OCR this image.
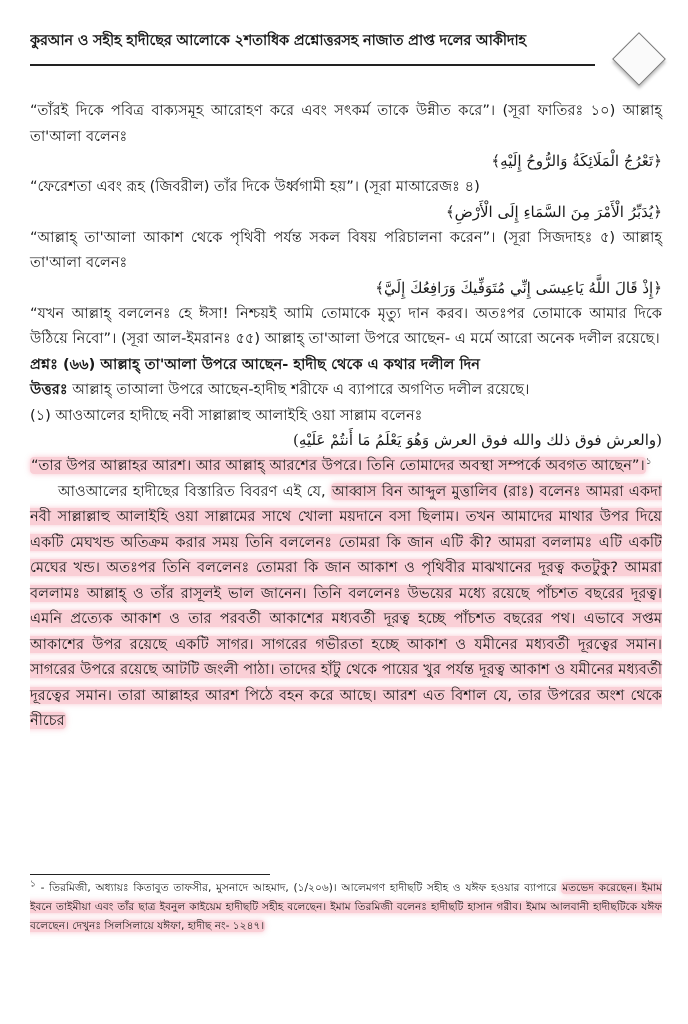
কুরআন ও সহীহ হাদীছের আলোকে ২শতাধিক প্রশ্নোত্তরসহ নাজাত প্রাপ্ত দলের আকীদাহ

“তাঁরই দিকে পবিত্র বাক্যসমূহ আরোহণ করে এবং সৎকর্ম তাকে উন্নীত করে”। (সূরা ফাতিরঃ ১০) আল্লাহ্ তা'আলা বলেনঃ

﴿تَعْرُجُ الْمَلَائِكَةُ وَالرُّوحُ إِلَيْهِ﴾

“ফেরেশতা এবং রূহ (জিবরীল) তাঁর দিকে উর্ধ্বগামী হয়”। (সূরা মাআরেজঃ ৪)

﴿يُدَبِّرُ الْأَمْرَ مِنَ السَّمَاءِ إِلَى الْأَرْضِ﴾

“আল্লাহ্ তা'আলা আকাশ থেকে পৃথিবী পর্যন্ত সকল বিষয় পরিচালনা করেন”। (সূরা সিজদাহঃ ৫) আল্লাহ্ তা'আলা বলেনঃ

﴿إِذْ قَالَ اللَّهُ يَاعِيسَى إِنِّي مُتَوَفِّيكَ وَرَافِعُكَ إِلَيَّ﴾

“যখন আল্লাহ্ বললেনঃ হে ঈসা! নিশ্চয়ই আমি তোমাকে মৃত্যু দান করব। অতঃপর তোমাকে আমার দিকে উঠিয়ে নিবো”। (সূরা আল-ইমরানঃ ৫৫) আল্লাহ্ তা'আলা উপরে আছেন- এ মর্মে আরো অনেক দলীল রয়েছে।

প্রশ্নঃ (৬৬) আল্লাহ্ তা'আলা উপরে আছেন- হাদীছ থেকে এ কথার দলীল দিন

উত্তরঃ আল্লাহ্ তাআলা উপরে আছেন-হাদীছ শরীফে এ ব্যাপারে অগণিত দলীল রয়েছে।

(১) আওআলের হাদীছে নবী সাল্লাল্লাহু আলাইহি ওয়া সাল্লাম বলেনঃ

(والعرش فوق ذلك والله فوق العرش وَهُوَ يَعْلَمُ مَا أَنتُمْ عَلَيْهِ)

“তার উপর আল্লাহর আরশ। আর আল্লাহ্ আরশের উপরে। তিনি তোমাদের অবস্থা সম্পর্কে অবগত আছেন”।$^১$

আওআলের হাদীছের বিস্তারিত বিবরণ এই যে, আব্বাস বিন আব্দুল মুত্তালিব (রাঃ) বলেনঃ আমরা একদা নবী সাল্লাল্লাহু আলাইহি ওয়া সাল্লামের সাথে খোলা ময়দানে বসা ছিলাম। তখন আমাদের মাথার উপর দিয়ে একটি মেঘখন্ড অতিক্রম করার সময় তিনি বললেনঃ তোমরা কি জান এটি কী? আমরা বললামঃ এটি একটি মেঘের খন্ড। অতঃপর তিনি বললেনঃ তোমরা কি জান আকাশ ও পৃথিবীর মাঝখানের দূরত্ব কতটুকু? আমরা বললামঃ আল্লাহ্ ও তাঁর রাসূলই ভাল জানেন। তিনি বললেনঃ উভয়ের মধ্যে রয়েছে পাঁচশত বছরের দূরত্ব। এমনি প্রত্যেক আকাশ ও তার পরবর্তী আকাশের মধ্যবর্তী দূরত্ব হচ্ছে পাঁচশত বছরের পথ। এভাবে সপ্তম আকাশের উপর রয়েছে একটি সাগর। সাগরের গভীরতা হচ্ছে আকাশ ও যমীনের মধ্যবর্তী দূরত্বের সমান। সাগরের উপরে রয়েছে আটটি জংলী পাঠা। তাদের হাঁটু থেকে পায়ের খুর পর্যন্ত দূরত্ব আকাশ ও যমীনের মধ্যবর্তী দূরত্বের সমান। তারা আল্লাহর আরশ পিঠে বহন করে আছে। আরশ এত বিশাল যে, তার উপরের অংশ থেকে নীচের

$^১$ - তিরমিজী, অধ্যায়ঃ কিতাবুত তাফসীর, মুসনাদে আহমাদ, (১/২০৬)। আলেমগণ হাদীছটি সহীহ ও যঈফ হওয়ার ব্যাপারে মতভেদ করেছেন। ইমাম ইবনে তাইমীয়া এবং তাঁর ছাত্র ইবনুল কাইয়েম হাদীছটি সহীহ বলেছেন। ইমাম তিরমিজী বলেনঃ হাদীছটি হাসান গরীব। ইমাম আলবানী হাদীছটিকে যঈফ বলেছেন। দেখুনঃ সিলসিলায়ে যঈফা, হাদীছ নং- ১২৪৭।
